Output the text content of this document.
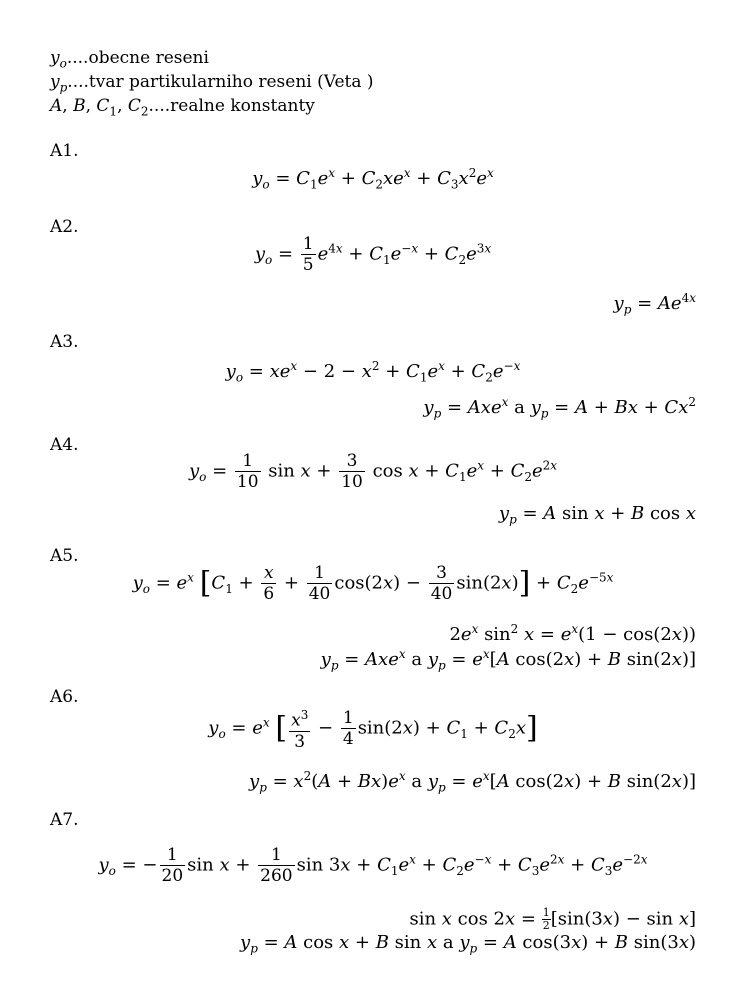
$y_o....obecne$ reseni
$y_p....tvar$ partikularniho reseni (Veta )
A, B, $C_1$, $C_2....realne$ konstanty
A1.
$y_o = C_1e^x + C_2xe^x + C_3x^2e^x$
A2.
$y_o = \frac{1}{5} e^{4x} + C_1e^{-x} + C_2e^{3x}$
$y_p = Ae^{4x}$
A3.
$y_o = xe^x - 2 - x^2 + C_1e^x + C_2e^{-x}$
$y_p = Axe^x$ a $y_p = A + Bx + Cx^2$
A4.
$y_o = \frac{1}{10}$ $\sin x + \frac{3}{10}$ $\cos x + C_1e^x + C_2e^{2x}$
$y_p = A$ sin x + B cos x
A5.
$y_o = e^x$ $[C_1 + \frac{x}{6} + \frac{1}{40} \cos(2x) - \frac{3}{40} \sin(2x)] + C_2e^{-5x}$
$2e^x$ $\sin^2 x = e^x(1 - \cos(2x))$
$y_p = Axe^x$ a $y_p = e^x[A$ cos(2x) + B sin(2x)]
A6.
$y_o = e^x$ [ $\frac{x^3}{3} - \frac{1}{4} \sin(2x) + C_1 + C_2x$]
$y_p = x^2(A + Bx)e^x$ a $y_p = e^x[A$ cos(2x) + B sin(2x)]
A7.
$y_o$ = − $\frac{1}{20}$ $\sin x + \frac{1}{260}$ $\sin 3x + C_1e^x + C_2e^{-x} + C_3e^{2x} + C_3e^{-2x}$
sin x $\cos 2x = \frac{1}{2} [\sin(3x) - \sin x]$
$y_p = A$ cos x + B sin x a $y_p = A$ cos(3x) + B sin(3x)
